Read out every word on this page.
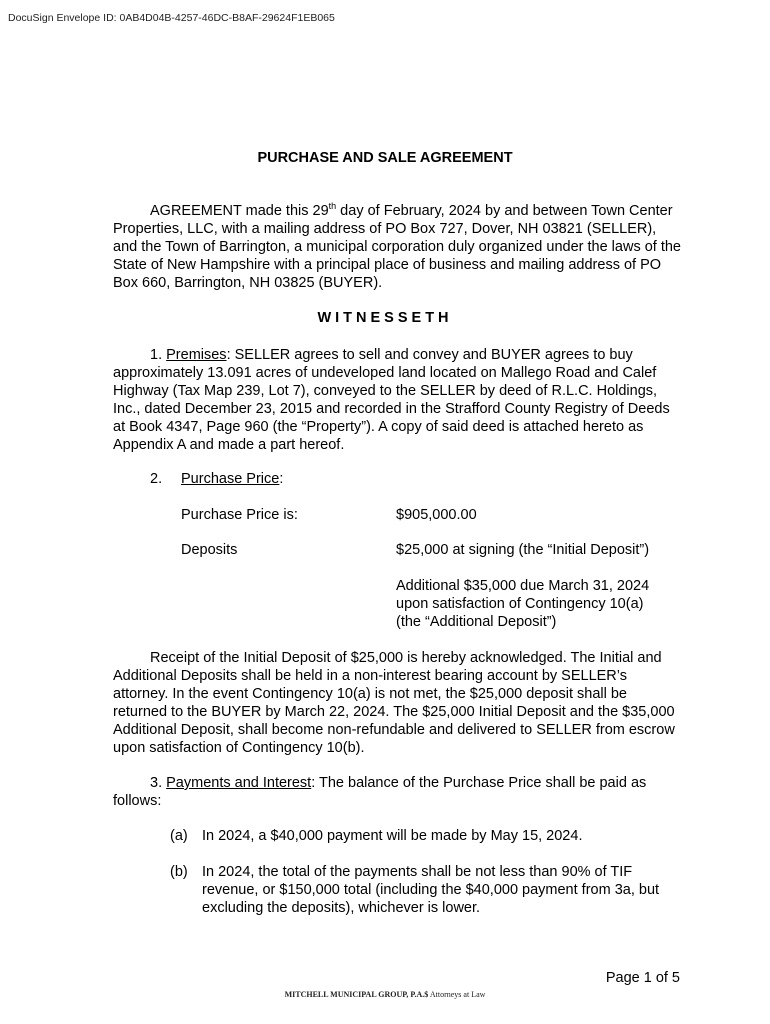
DocuSign Envelope ID: 0AB4D04B-4257-46DC-B8AF-29624F1EB065
PURCHASE AND SALE AGREEMENT
AGREEMENT made this 29th day of February, 2024 by and between Town Center Properties, LLC, with a mailing address of PO Box 727, Dover, NH 03821 (SELLER), and the Town of Barrington, a municipal corporation duly organized under the laws of the State of New Hampshire with a principal place of business and mailing address of PO Box 660, Barrington, NH 03825 (BUYER).
WITNESSETH
1. Premises: SELLER agrees to sell and convey and BUYER agrees to buy approximately 13.091 acres of undeveloped land located on Mallego Road and Calef Highway (Tax Map 239, Lot 7), conveyed to the SELLER by deed of R.L.C. Holdings, Inc., dated December 23, 2015 and recorded in the Strafford County Registry of Deeds at Book 4347, Page 960 (the “Property”). A copy of said deed is attached hereto as Appendix A and made a part hereof.
2. Purchase Price:
Purchase Price is:	$905,000.00
Deposits	$25,000 at signing (the “Initial Deposit”)
Additional $35,000 due March 31, 2024
upon satisfaction of Contingency 10(a)
(the “Additional Deposit”)
Receipt of the Initial Deposit of $25,000 is hereby acknowledged. The Initial and Additional Deposits shall be held in a non-interest bearing account by SELLER’s attorney. In the event Contingency 10(a) is not met, the $25,000 deposit shall be returned to the BUYER by March 22, 2024. The $25,000 Initial Deposit and the $35,000 Additional Deposit, shall become non-refundable and delivered to SELLER from escrow upon satisfaction of Contingency 10(b).
3. Payments and Interest: The balance of the Purchase Price shall be paid as follows:
(a) In 2024, a $40,000 payment will be made by May 15, 2024.
(b) In 2024, the total of the payments shall be not less than 90% of TIF revenue, or $150,000 total (including the $40,000 payment from 3a, but excluding the deposits), whichever is lower.
Page 1 of 5
MITCHELL MUNICIPAL GROUP, P.A.$ Attorneys at Law
